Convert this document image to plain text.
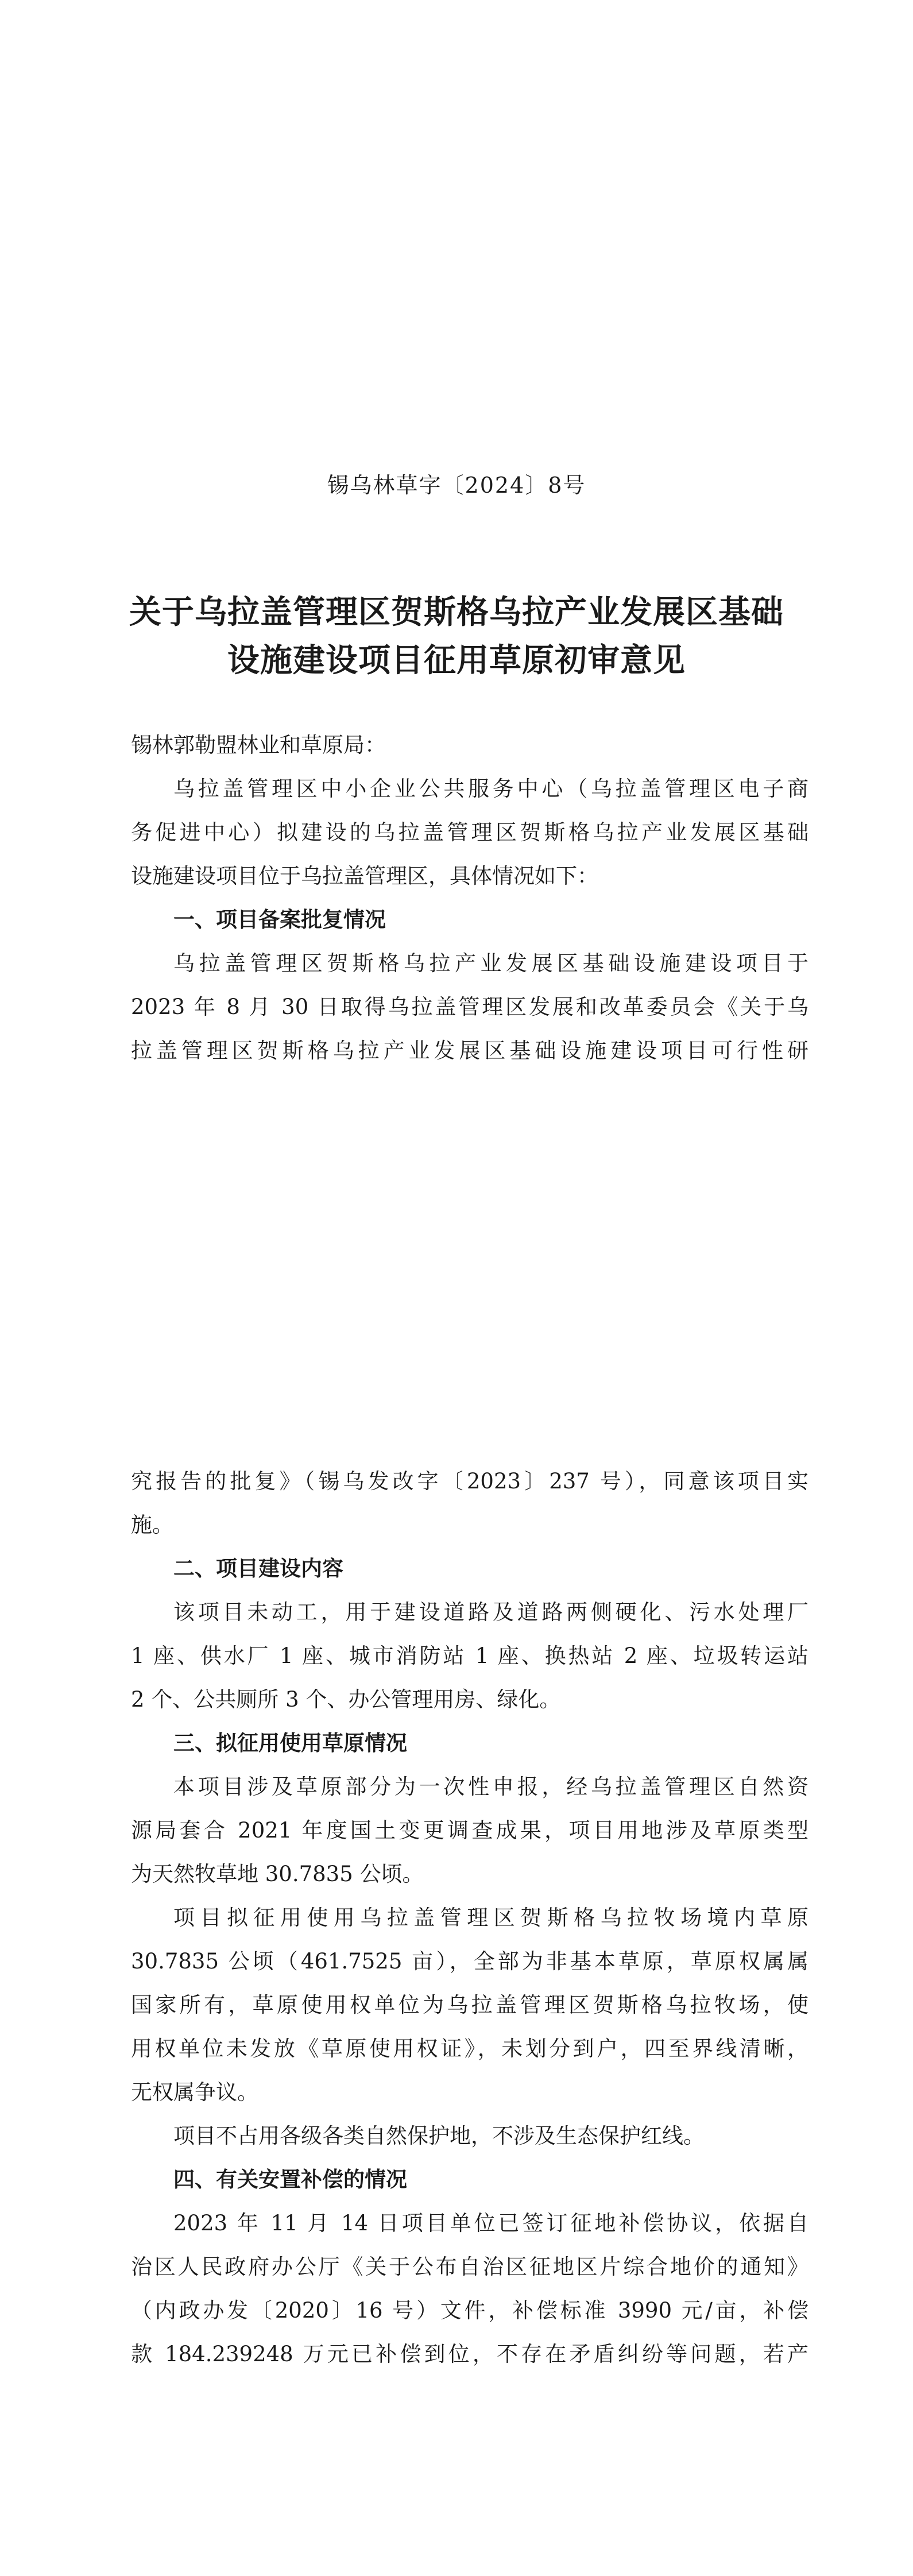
锡乌林草字〔2024〕8号
关于乌拉盖管理区贺斯格乌拉产业发展区基础
设施建设项目征用草原初审意见
锡林郭勒盟林业和草原局：
乌拉盖管理区中小企业公共服务中心（乌拉盖管理区电子商
务促进中心）拟建设的乌拉盖管理区贺斯格乌拉产业发展区基础
设施建设项目位于乌拉盖管理区，具体情况如下：
一、项目备案批复情况
乌拉盖管理区贺斯格乌拉产业发展区基础设施建设项目于
2023 年 8 月 30 日取得乌拉盖管理区发展和改革委员会《关于乌
拉盖管理区贺斯格乌拉产业发展区基础设施建设项目可行性研
究报告的批复》（锡乌发改字〔2023〕237 号），同意该项目实
施。
二、项目建设内容
该项目未动工，用于建设道路及道路两侧硬化、污水处理厂
1 座、供水厂 1 座、城市消防站 1 座、换热站 2 座、垃圾转运站
2 个、公共厕所 3 个、办公管理用房、绿化。
三、拟征用使用草原情况
本项目涉及草原部分为一次性申报，经乌拉盖管理区自然资
源局套合 2021 年度国土变更调查成果，项目用地涉及草原类型
为天然牧草地 30.7835 公顷。
项目拟征用使用乌拉盖管理区贺斯格乌拉牧场境内草原
30.7835 公顷（461.7525 亩），全部为非基本草原，草原权属属
国家所有，草原使用权单位为乌拉盖管理区贺斯格乌拉牧场，使
用权单位未发放《草原使用权证》，未划分到户，四至界线清晰，
无权属争议。
项目不占用各级各类自然保护地，不涉及生态保护红线。
四、有关安置补偿的情况
2023 年 11 月 14 日项目单位已签订征地补偿协议，依据自
治区人民政府办公厅《关于公布自治区征地区片综合地价的通知》
（内政办发〔2020〕16 号）文件，补偿标准 3990 元/亩，补偿
款 184.239248 万元已补偿到位，不存在矛盾纠纷等问题，若产
